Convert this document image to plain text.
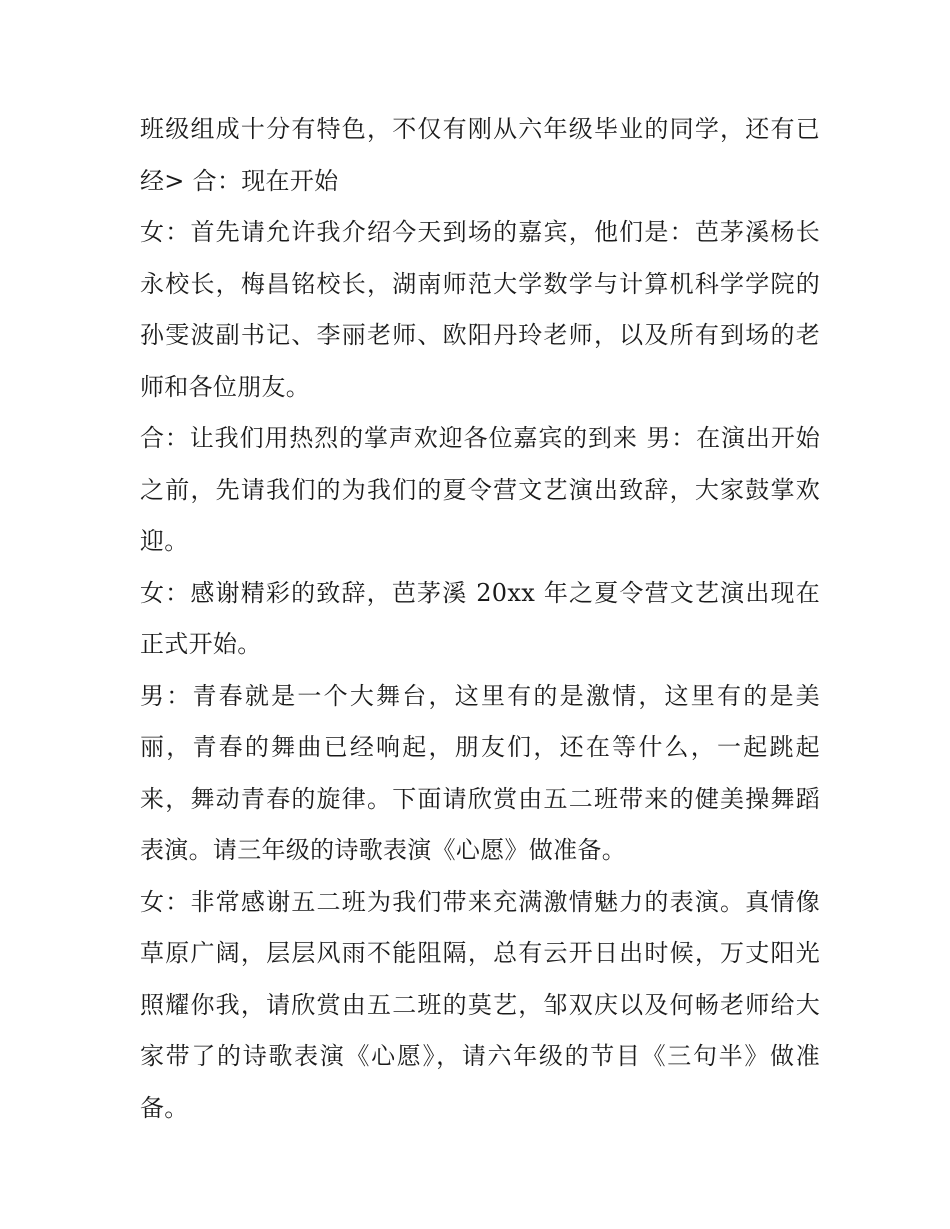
班级组成十分有特色，不仅有刚从六年级毕业的同学，还有已经> 合：现在开始

女：首先请允许我介绍今天到场的嘉宾，他们是：芭茅溪杨长永校长，梅昌铭校长，湖南师范大学数学与计算机科学学院的孙雯波副书记、李丽老师、欧阳丹玲老师，以及所有到场的老师和各位朋友。

合：让我们用热烈的掌声欢迎各位嘉宾的到来 男：在演出开始之前，先请我们的为我们的夏令营文艺演出致辞，大家鼓掌欢迎。

女：感谢精彩的致辞，芭茅溪 20xx 年之夏令营文艺演出现在正式开始。

男：青春就是一个大舞台，这里有的是激情，这里有的是美丽，青春的舞曲已经响起，朋友们，还在等什么，一起跳起来，舞动青春的旋律。下面请欣赏由五二班带来的健美操舞蹈表演。请三年级的诗歌表演《心愿》做准备。

女：非常感谢五二班为我们带来充满激情魅力的表演。真情像草原广阔，层层风雨不能阻隔，总有云开日出时候，万丈阳光照耀你我，请欣赏由五二班的莫艺，邹双庆以及何畅老师给大家带了的诗歌表演《心愿》，请六年级的节目《三句半》做准备。
